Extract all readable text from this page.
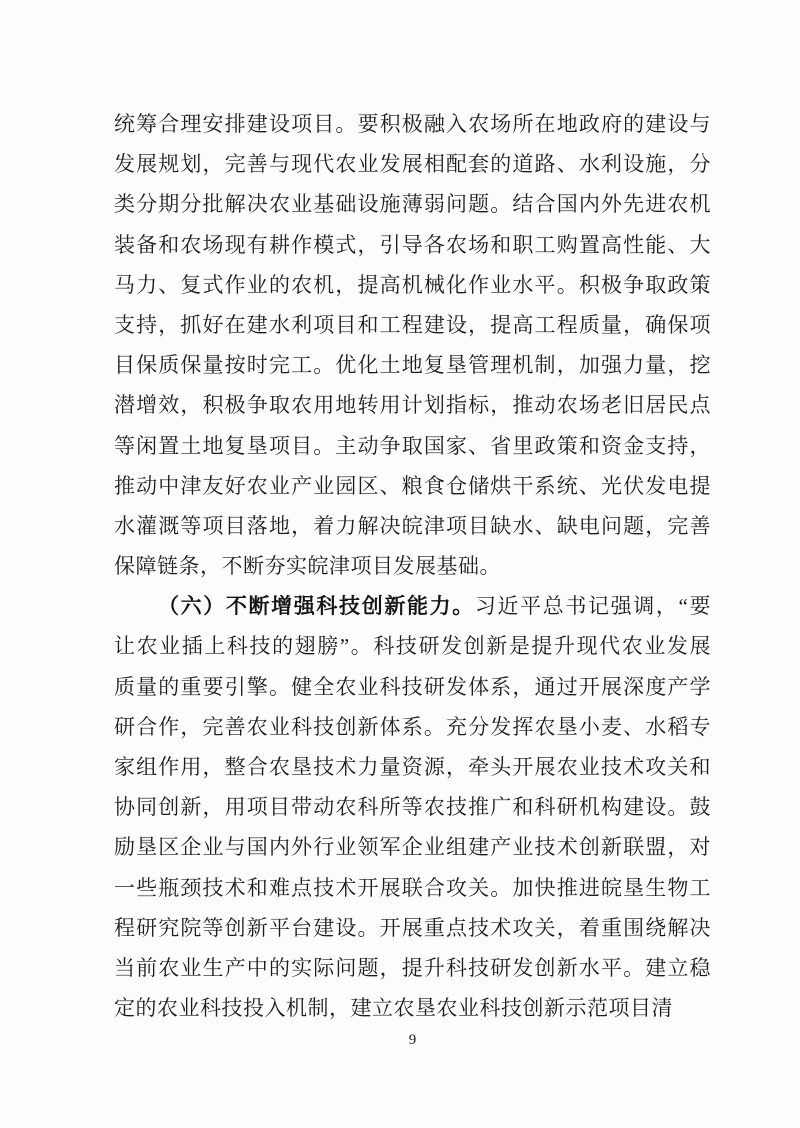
统筹合理安排建设项目。要积极融入农场所在地政府的建设与
发展规划，完善与现代农业发展相配套的道路、水利设施，分
类分期分批解决农业基础设施薄弱问题。结合国内外先进农机
装备和农场现有耕作模式，引导各农场和职工购置高性能、大
马力、复式作业的农机，提高机械化作业水平。积极争取政策
支持，抓好在建水利项目和工程建设，提高工程质量，确保项
目保质保量按时完工。优化土地复垦管理机制，加强力量，挖
潜增效，积极争取农用地转用计划指标，推动农场老旧居民点
等闲置土地复垦项目。主动争取国家、省里政策和资金支持，
推动中津友好农业产业园区、粮食仓储烘干系统、光伏发电提
水灌溉等项目落地，着力解决皖津项目缺水、缺电问题，完善
保障链条，不断夯实皖津项目发展基础。
（六）不断增强科技创新能力。习近平总书记强调，“要
让农业插上科技的翅膀”。科技研发创新是提升现代农业发展
质量的重要引擎。健全农业科技研发体系，通过开展深度产学
研合作，完善农业科技创新体系。充分发挥农垦小麦、水稻专
家组作用，整合农垦技术力量资源，牵头开展农业技术攻关和
协同创新，用项目带动农科所等农技推广和科研机构建设。鼓
励垦区企业与国内外行业领军企业组建产业技术创新联盟，对
一些瓶颈技术和难点技术开展联合攻关。加快推进皖垦生物工
程研究院等创新平台建设。开展重点技术攻关，着重围绕解决
当前农业生产中的实际问题，提升科技研发创新水平。建立稳
定的农业科技投入机制，建立农垦农业科技创新示范项目清
9
